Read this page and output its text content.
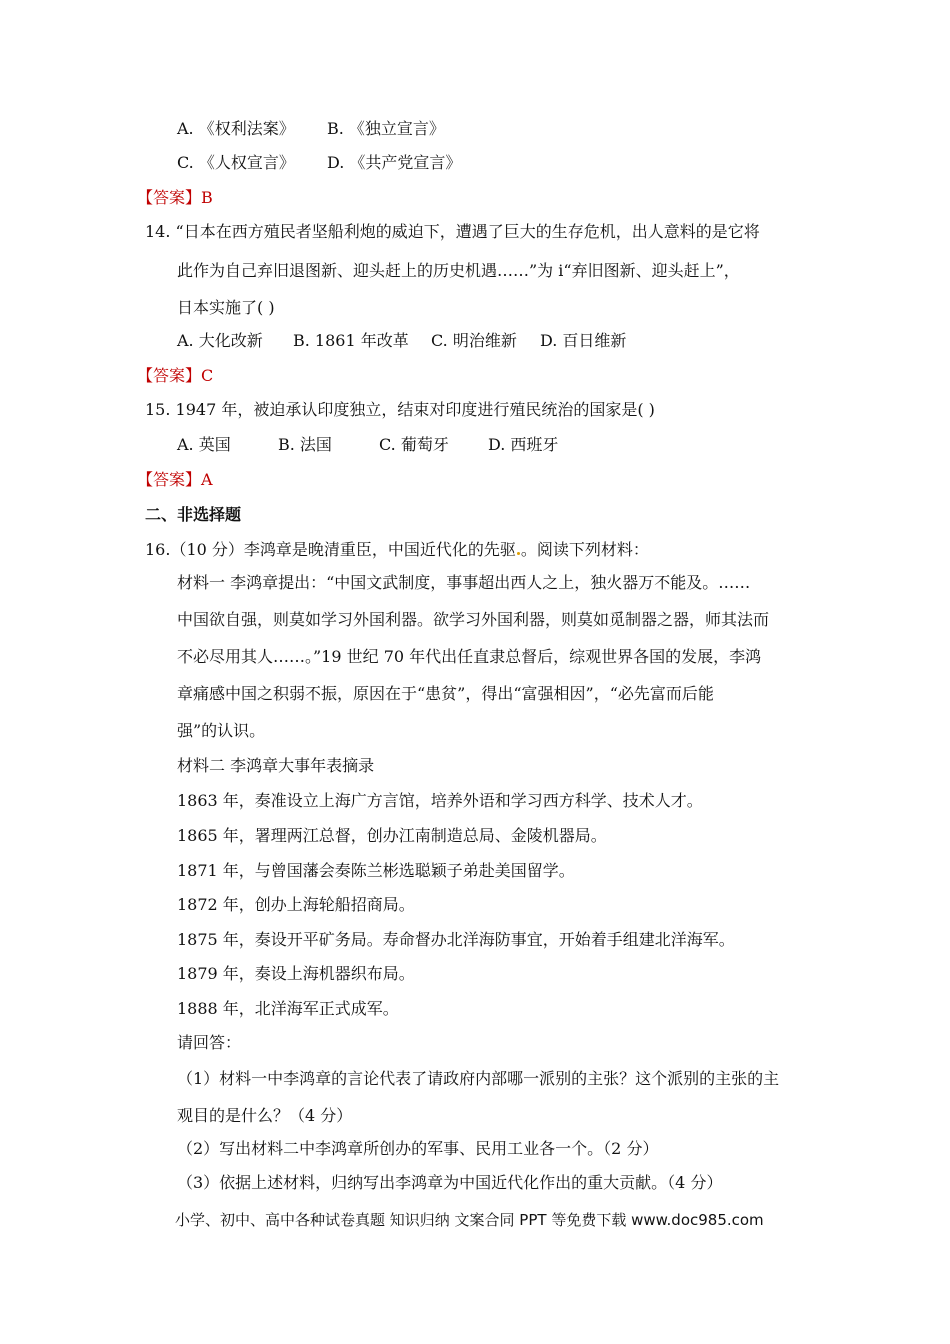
A. 《权利法案》 B. 《独立宣言》
C. 《人权宣言》 D. 《共产党宣言》
【答案】B
14. “日本在西方殖民者坚船利炮的威迫下，遭遇了巨大的生存危机，出人意料的是它将
此作为自己弃旧退图新、迎头赶上的历史机遇……”为 i“弃旧图新、迎头赶上”，
日本实施了( )
A. 大化改新 B. 1861 年改革 C. 明治维新 D. 百日维新
【答案】C
15. 1947 年，被迫承认印度独立，结束对印度进行殖民统治的国家是( )
A. 英国	B. 法国	C. 葡萄牙 D. 西班牙
【答案】A
二、非选择题
16.（10 分）李鸿章是晚清重臣，中国近代化的先驱 。阅读下列材料：
材料一 李鸿章提出：“中国文武制度，事事超出西人之上，独火器万不能及。……
中国欲自强，则莫如学习外国利器。欲学习外国利器，则莫如觅制器之器，师其法而
不必尽用其人……。”19 世纪 70 年代出任直隶总督后，综观世界各国的发展，李鸿
章痛感中国之积弱不振，原因在于“患贫”，得出“富强相因”，“必先富而后能
强”的认识。
材料二 李鸿章大事年表摘录
1863 年，奏准设立上海广方言馆，培养外语和学习西方科学、技术人才。
1865 年，署理两江总督，创办江南制造总局、金陵机器局。
1871 年，与曾国藩会奏陈兰彬选聪颖子弟赴美国留学。
1872 年，创办上海轮船招商局。
1875 年，奏设开平矿务局。寿命督办北洋海防事宜，开始着手组建北洋海军。
1879 年，奏设上海机器织布局。
1888 年，北洋海军正式成军。
请回答：
（1）材料一中李鸿章的言论代表了请政府内部哪一派别的主张？这个派别的主张的主
观目的是什么？（4 分）
（2）写出材料二中李鸿章所创办的军事、民用工业各一个。（2 分）
（3）依据上述材料，归纳写出李鸿章为中国近代化作出的重大贡献。（4 分）
小学、初中、高中各种试卷真题 知识归纳 文案合同 PPT 等免费下载 www.doc985.com
